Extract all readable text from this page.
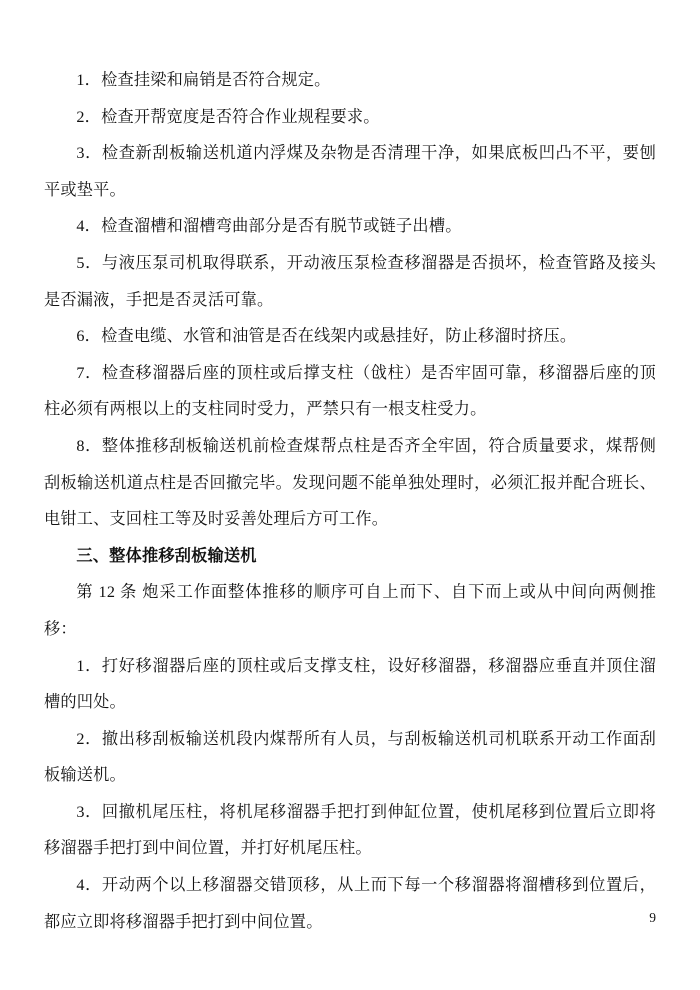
1．检查挂梁和扁销是否符合规定。

2．检查开帮宽度是否符合作业规程要求。

3．检查新刮板输送机道内浮煤及杂物是否清理干净，如果底板凹凸不平，要刨平或垫平。

4．检查溜槽和溜槽弯曲部分是否有脱节或链子出槽。

5．与液压泵司机取得联系，开动液压泵检查移溜器是否损坏，检查管路及接头是否漏液，手把是否灵活可靠。

6．检查电缆、水管和油管是否在线架内或悬挂好，防止移溜时挤压。

7．检查移溜器后座的顶柱或后撑支柱（戗柱）是否牢固可靠，移溜器后座的顶柱必须有两根以上的支柱同时受力，严禁只有一根支柱受力。

8．整体推移刮板输送机前检查煤帮点柱是否齐全牢固，符合质量要求，煤帮侧刮板输送机道点柱是否回撤完毕。发现问题不能单独处理时，必须汇报并配合班长、电钳工、支回柱工等及时妥善处理后方可工作。

三、整体推移刮板输送机

第 12 条 炮采工作面整体推移的顺序可自上而下、自下而上或从中间向两侧推移：

1．打好移溜器后座的顶柱或后支撑支柱，设好移溜器，移溜器应垂直并顶住溜槽的凹处。

2．撤出移刮板输送机段内煤帮所有人员，与刮板输送机司机联系开动工作面刮板输送机。

3．回撤机尾压柱，将机尾移溜器手把打到伸缸位置，使机尾移到位置后立即将移溜器手把打到中间位置，并打好机尾压柱。

4．开动两个以上移溜器交错顶移，从上而下每一个移溜器将溜槽移到位置后，都应立即将移溜器手把打到中间位置。	9
